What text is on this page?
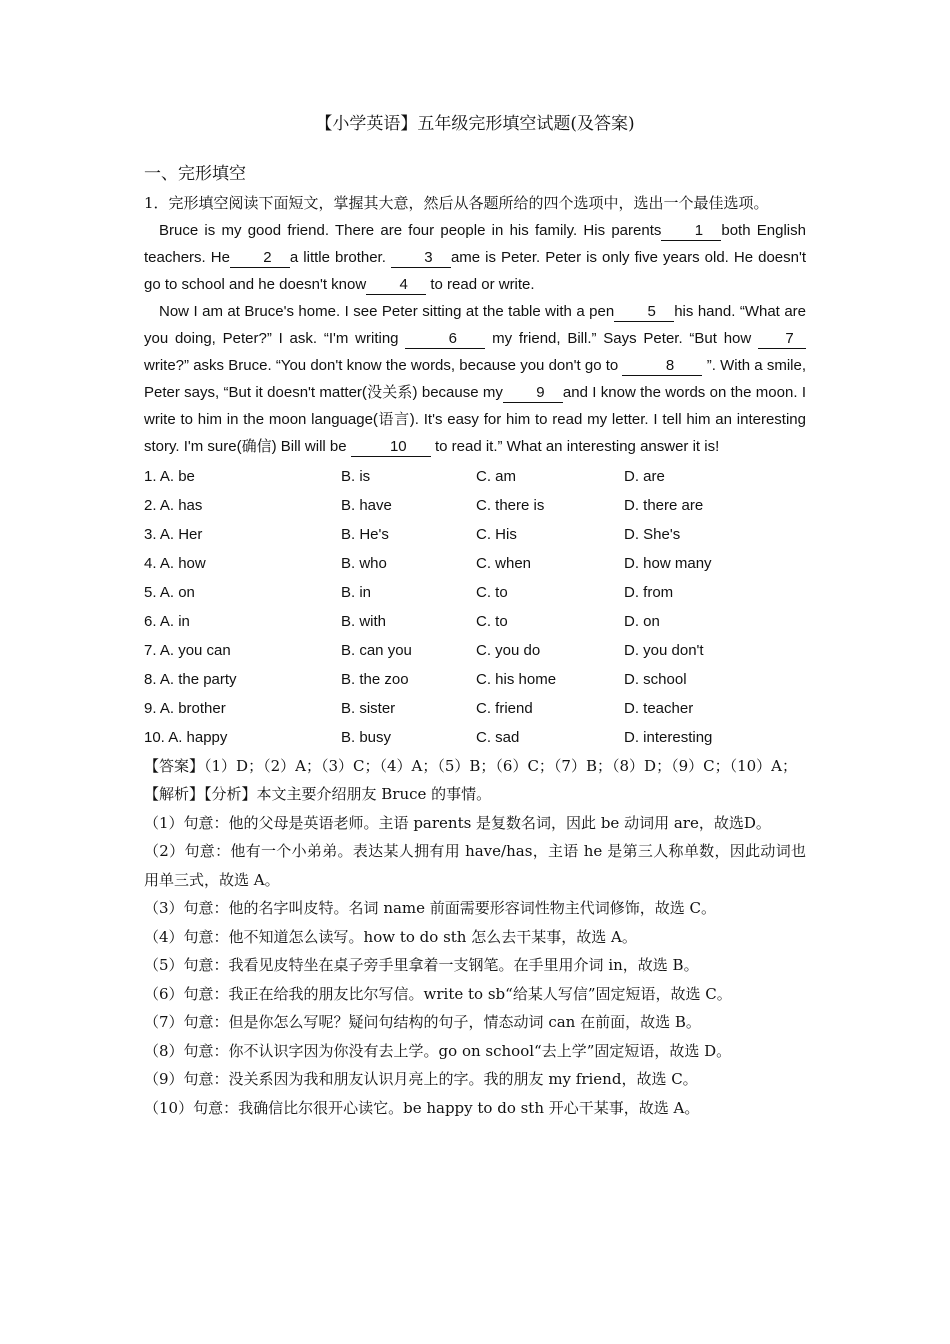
【小学英语】五年级完形填空试题(及答案)
一、完形填空

1．完形填空阅读下面短文，掌握其大意，然后从各题所给的四个选项中，选出一个最佳选项。

Bruce is my good friend. There are four people in his family. His parents 1 both English teachers. He 2 a little brother.	3 ame is Peter. Peter is only five years old. He doesn't go to school and he doesn't know 4 to read or write.

Now I am at Bruce's home. I see Peter sitting at the table with a pen 5 his hand. “What are you doing, Peter?” I ask. “I'm writing	6 my friend, Bill.” Says Peter. “But how 7write?” asks Bruce. “You don't know the words, because you don't go to	8 ”. With a smile, Peter says, “But it doesn't matter(没关系) because my 9 and I know the words on the moon. I write to him in the moon language(语言). It's easy for him to read my letter. I tell him an interesting story. I'm sure(确信) Bill will be	10 to read it.” What an interesting answer it is!

1. A. be	B. is	C. am	D. are
2. A. has	B. have	C. there is	D. there are
3. A. Her	B. He's	C. His	D. She's
4. A. how	B. who	C. when	D. how many
5. A. on	B. in	C. to	D. from
6. A. in	B. with	C. to	D. on
7. A. you can	B. can you	C. you do	D. you don't
8. A. the party	B. the zoo	C. his home	D. school
9. A. brother	B. sister	C. friend	D. teacher
10. A. happy	B. busy	C. sad	D. interesting

【答案】（1）D；（2）A；（3）C；（4）A；（5）B；（6）C；（7）B；（8）D；（9）C；（10）A；

【解析】【分析】本文主要介绍朋友 Bruce 的事情。

（1）句意：他的父母是英语老师。主语 parents 是复数名词，因此 be 动词用 are，故选D。

（2）句意：他有一个小弟弟。表达某人拥有用 have/has，主语 he 是第三人称单数，因此动词也用单三式，故选 A。

（3）句意：他的名字叫皮特。名词 name 前面需要形容词性物主代词修饰，故选 C。

（4）句意：他不知道怎么读写。how to do sth 怎么去干某事，故选 A。

（5）句意：我看见皮特坐在桌子旁手里拿着一支钢笔。在手里用介词 in，故选 B。

（6）句意：我正在给我的朋友比尔写信。write to sb“给某人写信”固定短语，故选 C。

（7）句意：但是你怎么写呢？疑问句结构的句子，情态动词 can 在前面，故选 B。

（8）句意：你不认识字因为你没有去上学。go on school“去上学”固定短语，故选 D。

（9）句意：没关系因为我和朋友认识月亮上的字。我的朋友 my friend，故选 C。

（10）句意：我确信比尔很开心读它。be happy to do sth 开心干某事，故选 A。
